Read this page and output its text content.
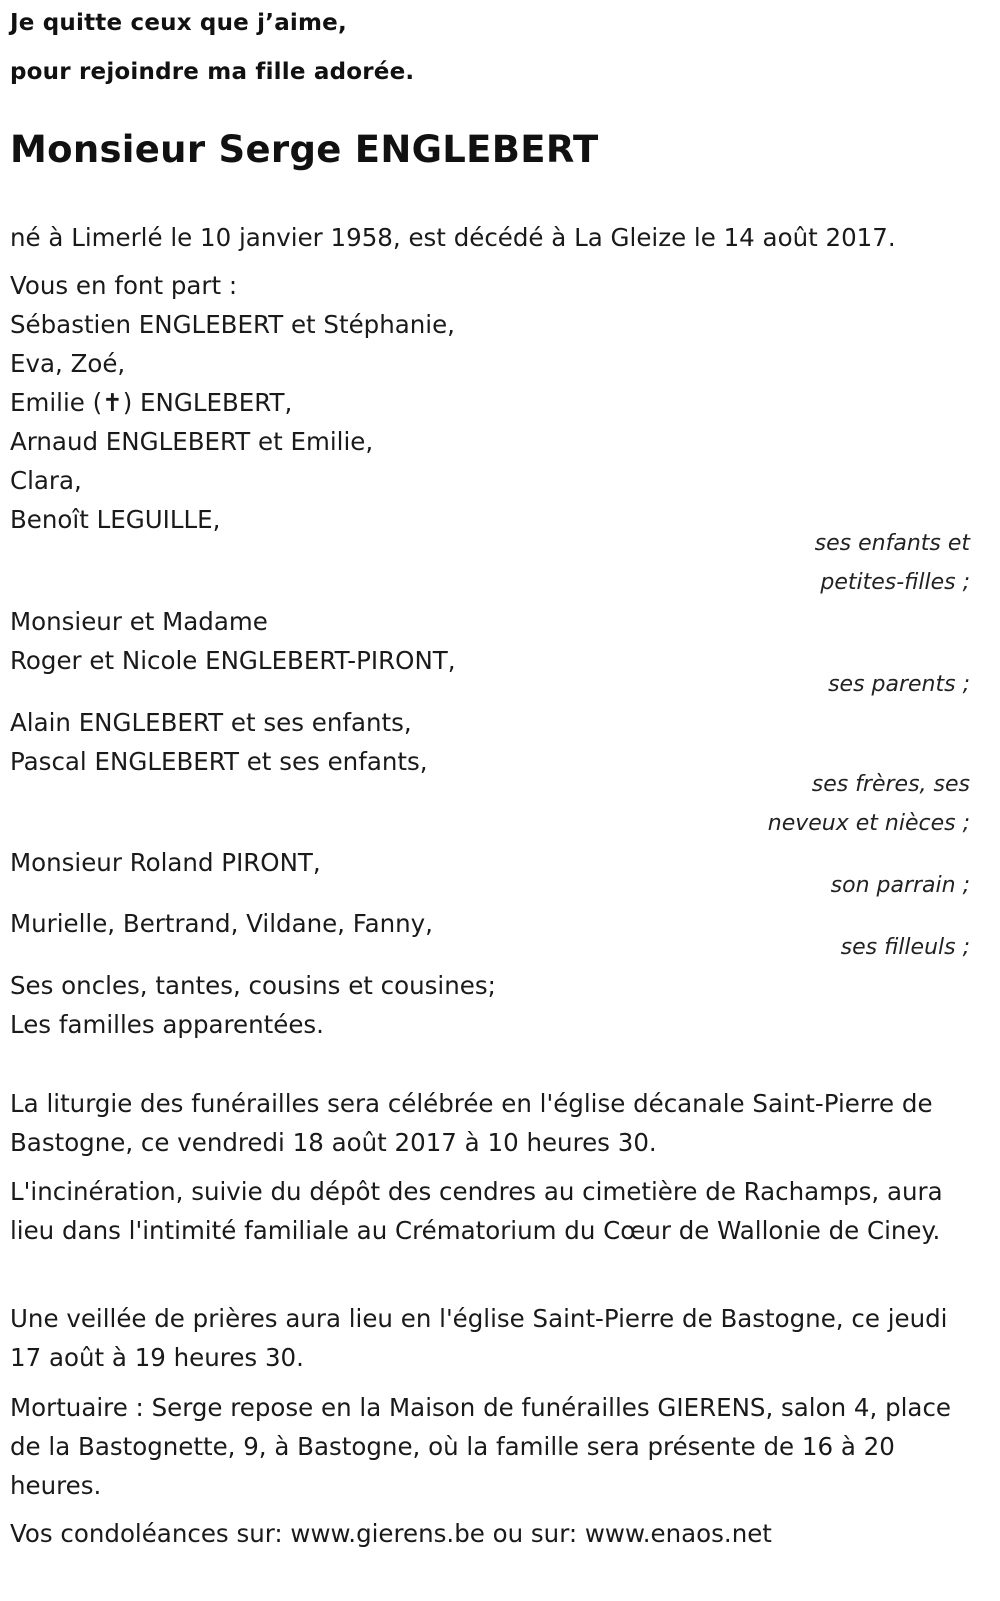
Je quitte ceux que j’aime,
pour rejoindre ma fille adorée.
Monsieur Serge ENGLEBERT
né à Limerlé le 10 janvier 1958, est décédé à La Gleize le 14 août 2017.
Vous en font part :
Sébastien ENGLEBERT et Stéphanie,
Eva, Zoé,
Emilie (✝) ENGLEBERT,
Arnaud ENGLEBERT et Emilie,
Clara,
Benoît LEGUILLE,
ses enfants et
petites-filles ;
Monsieur et Madame
Roger et Nicole ENGLEBERT-PIRONT,
ses parents ;
Alain ENGLEBERT et ses enfants,
Pascal ENGLEBERT et ses enfants,
ses frères, ses
neveux et nièces ;
Monsieur Roland PIRONT,
son parrain ;
Murielle, Bertrand, Vildane, Fanny,
ses filleuls ;
Ses oncles, tantes, cousins et cousines;
Les familles apparentées.
La liturgie des funérailles sera célébrée en l'église décanale Saint-Pierre de Bastogne, ce vendredi 18 août 2017 à 10 heures 30.
L'incinération, suivie du dépôt des cendres au cimetière de Rachamps, aura lieu dans l'intimité familiale au Crématorium du Cœur de Wallonie de Ciney.
Une veillée de prières aura lieu en l'église Saint-Pierre de Bastogne, ce jeudi 17 août à 19 heures 30.
Mortuaire : Serge repose en la Maison de funérailles GIERENS, salon 4, place de la Bastognette, 9, à Bastogne, où la famille sera présente de 16 à 20 heures.
Vos condoléances sur: www.gierens.be ou sur: www.enaos.net
